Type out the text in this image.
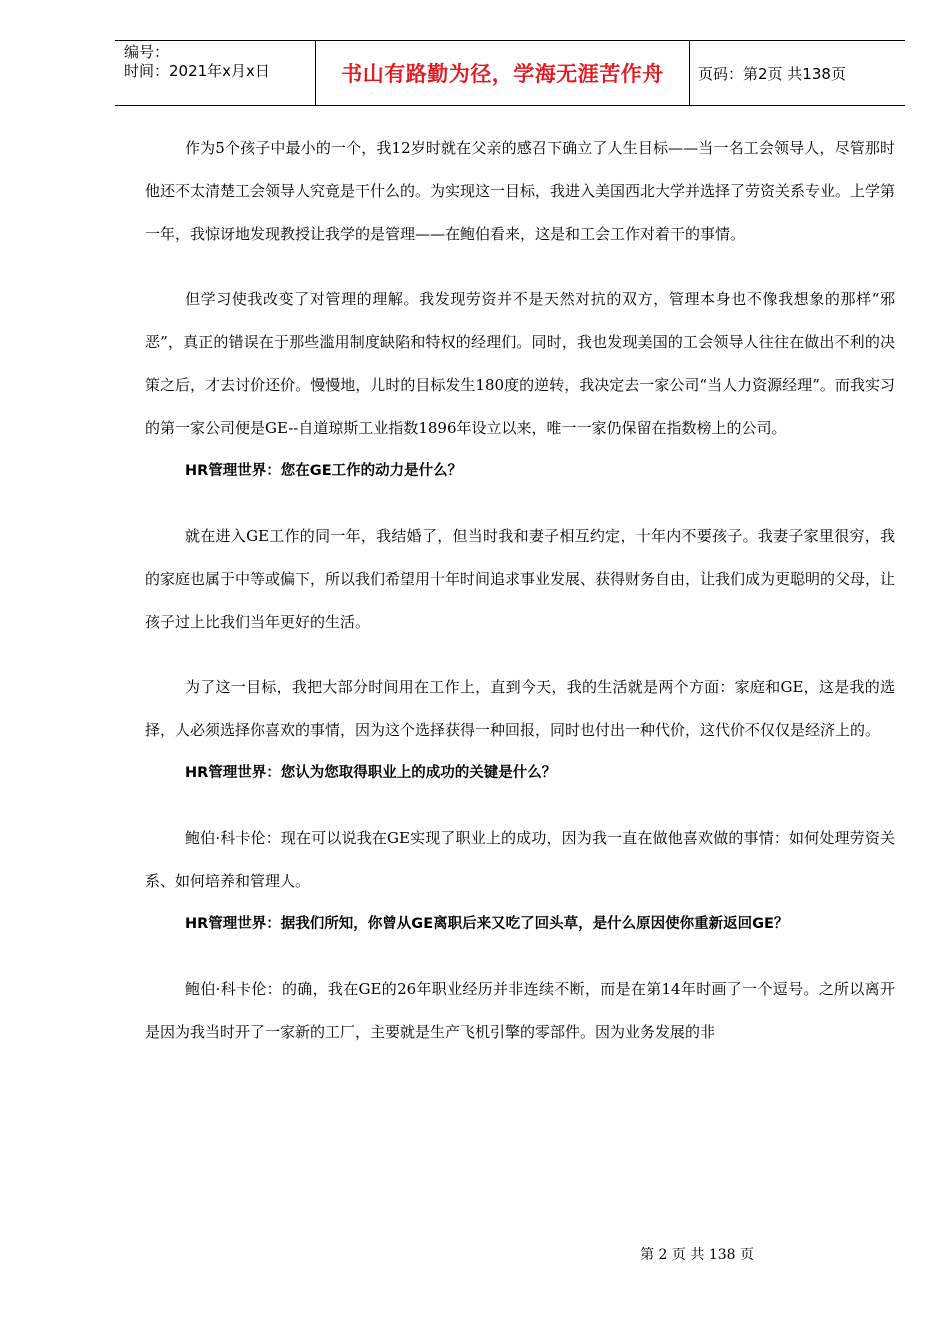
编号：
时间：2021年x月x日	书山有路勤为径，学海无涯苦作舟	页码：第2页 共138页

作为5个孩子中最小的一个，我12岁时就在父亲的感召下确立了人生目标——当一名工会领导人，尽管那时他还不太清楚工会领导人究竟是干什么的。为实现这一目标，我进入美国西北大学并选择了劳资关系专业。上学第一年，我惊讶地发现教授让我学的是管理——在鲍伯看来，这是和工会工作对着干的事情。

但学习使我改变了对管理的理解。我发现劳资并不是天然对抗的双方，管理本身也不像我想象的那样“邪恶”，真正的错误在于那些滥用制度缺陷和特权的经理们。同时，我也发现美国的工会领导人往往在做出不利的决策之后，才去讨价还价。慢慢地，儿时的目标发生180度的逆转，我决定去一家公司“当人力资源经理”。而我实习的第一家公司便是GE--自道琼斯工业指数1896年设立以来，唯一一家仍保留在指数榜上的公司。

HR管理世界：您在GE工作的动力是什么？

就在进入GE工作的同一年，我结婚了，但当时我和妻子相互约定，十年内不要孩子。我妻子家里很穷，我的家庭也属于中等或偏下，所以我们希望用十年时间追求事业发展、获得财务自由，让我们成为更聪明的父母，让孩子过上比我们当年更好的生活。

为了这一目标，我把大部分时间用在工作上，直到今天，我的生活就是两个方面：家庭和GE，这是我的选择，人必须选择你喜欢的事情，因为这个选择获得一种回报，同时也付出一种代价，这代价不仅仅是经济上的。

HR管理世界：您认为您取得职业上的成功的关键是什么？

鲍伯·科卡伦：现在可以说我在GE实现了职业上的成功，因为我一直在做他喜欢做的事情：如何处理劳资关系、如何培养和管理人。

HR管理世界：据我们所知，你曾从GE离职后来又吃了回头草，是什么原因使你重新返回GE？

鲍伯·科卡伦：的确，我在GE的26年职业经历并非连续不断，而是在第14年时画了一个逗号。之所以离开是因为我当时开了一家新的工厂，主要就是生产飞机引擎的零部件。因为业务发展的非

第 2 页 共 138 页
